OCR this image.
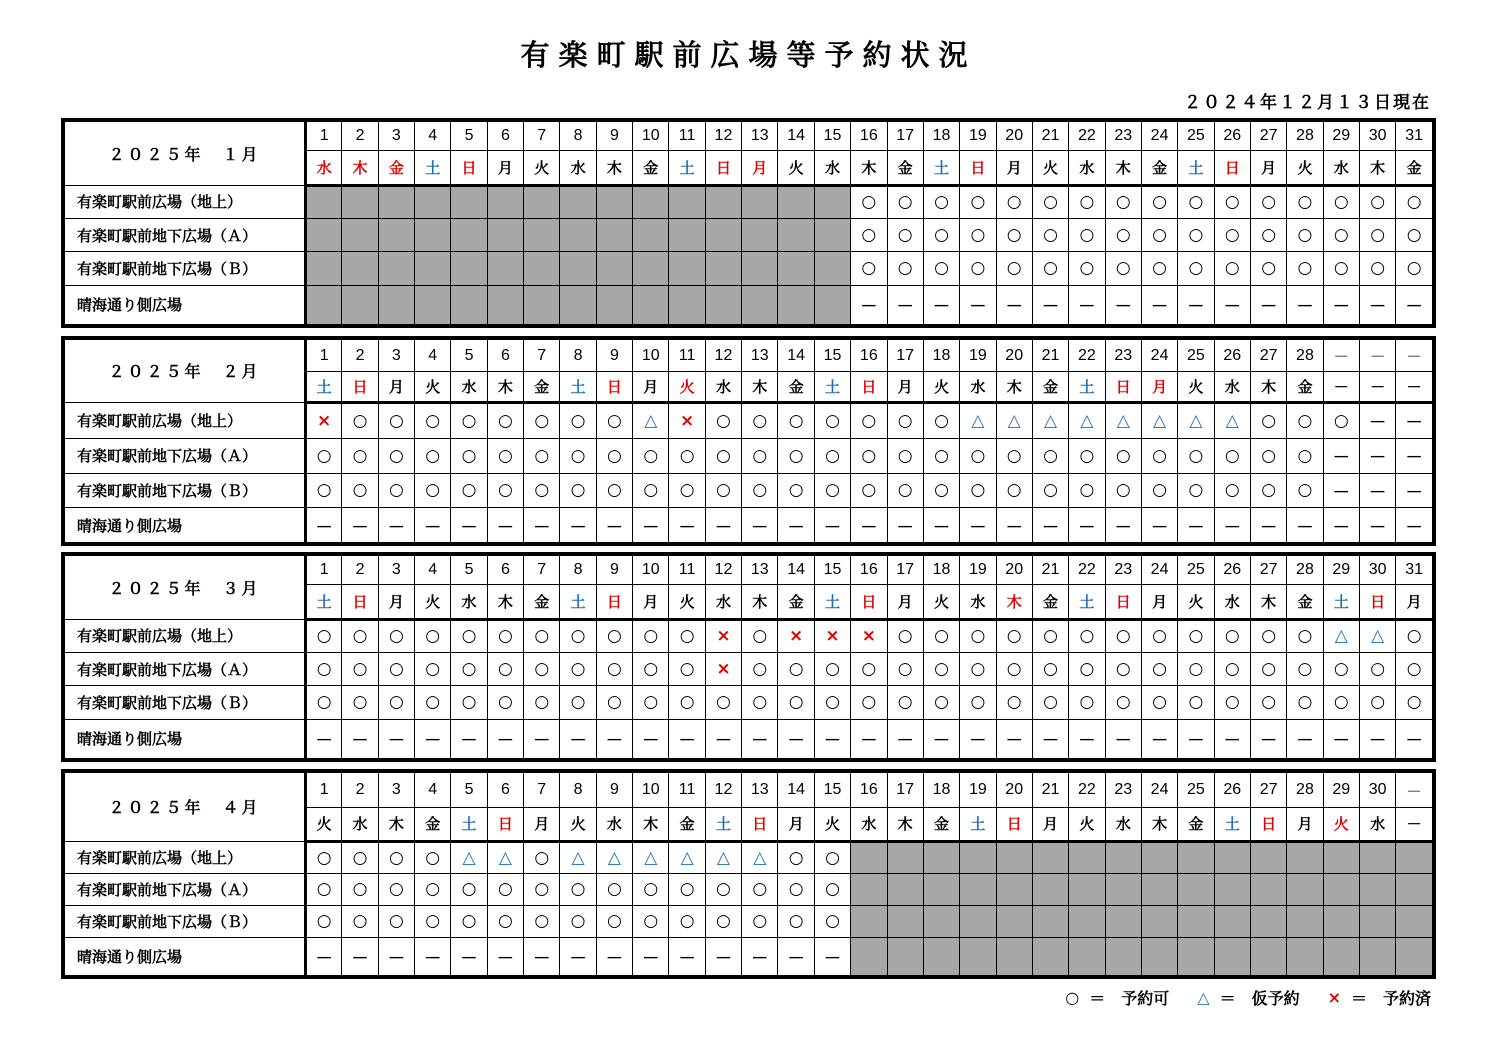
有楽町駅前広場等予約状況
２０２４年１２月１３日現在
２０２５年　１月	1	2	3	4	5	6	7	8	9	10	11	12	13	14	15	16	17	18	19	20	21	22	23	24	25	26	27	28	29	30	31
	水	木	金	土	日	月	火	水	木	金	土	日	月	火	水	木	金	土	日	月	火	水	木	金	土	日	月	火	水	木	金
有楽町駅前広場（地上）																○	○	○	○	○	○	○	○	○	○	○	○	○	○	○	○
有楽町駅前地下広場（Ａ）																○	○	○	○	○	○	○	○	○	○	○	○	○	○	○	○
有楽町駅前地下広場（Ｂ）																○	○	○	○	○	○	○	○	○	○	○	○	○	○	○	○
晴海通り側広場																－	－	－	－	－	－	－	－	－	－	－	－	－	－	－	－
２０２５年　２月	1	2	3	4	5	6	7	8	9	10	11	12	13	14	15	16	17	18	19	20	21	22	23	24	25	26	27	28	－	－	－
	土	日	月	火	水	木	金	土	日	月	火	水	木	金	土	日	月	火	水	木	金	土	日	月	火	水	木	金	－	－	－
有楽町駅前広場（地上）	×	○	○	○	○	○	○	○	○	△	×	○	○	○	○	○	○	○	△	△	△	△	△	△	△	△	○	○	○	－	－
有楽町駅前地下広場（Ａ）	○	○	○	○	○	○	○	○	○	○	○	○	○	○	○	○	○	○	○	○	○	○	○	○	○	○	○	○	－	－	－
有楽町駅前地下広場（Ｂ）	○	○	○	○	○	○	○	○	○	○	○	○	○	○	○	○	○	○	○	○	○	○	○	○	○	○	○	○	－	－	－
晴海通り側広場	－	－	－	－	－	－	－	－	－	－	－	－	－	－	－	－	－	－	－	－	－	－	－	－	－	－	－	－	－	－	－
２０２５年　３月	1	2	3	4	5	6	7	8	9	10	11	12	13	14	15	16	17	18	19	20	21	22	23	24	25	26	27	28	29	30	31
	土	日	月	火	水	木	金	土	日	月	火	水	木	金	土	日	月	火	水	木	金	土	日	月	火	水	木	金	土	日	月
有楽町駅前広場（地上）	○	○	○	○	○	○	○	○	○	○	○	×	○	×	×	×	○	○	○	○	○	○	○	○	○	○	○	○	△	△	○
有楽町駅前地下広場（Ａ）	○	○	○	○	○	○	○	○	○	○	○	×	○	○	○	○	○	○	○	○	○	○	○	○	○	○	○	○	○	○	○
有楽町駅前地下広場（Ｂ）	○	○	○	○	○	○	○	○	○	○	○	○	○	○	○	○	○	○	○	○	○	○	○	○	○	○	○	○	○	○	○
晴海通り側広場	－	－	－	－	－	－	－	－	－	－	－	－	－	－	－	－	－	－	－	－	－	－	－	－	－	－	－	－	－	－	－
２０２５年　４月	1	2	3	4	5	6	7	8	9	10	11	12	13	14	15	16	17	18	19	20	21	22	23	24	25	26	27	28	29	30	－
	火	水	木	金	土	日	月	火	水	木	金	土	日	月	火	水	木	金	土	日	月	火	水	木	金	土	日	月	火	水	－
有楽町駅前広場（地上）	○	○	○	○	△	△	○	△	△	△	△	△	△	○	○																
有楽町駅前地下広場（Ａ）	○	○	○	○	○	○	○	○	○	○	○	○	○	○	○																
有楽町駅前地下広場（Ｂ）	○	○	○	○	○	○	○	○	○	○	○	○	○	○	○																
晴海通り側広場	－	－	－	－	－	－	－	－	－	－	－	－	－	－	－																
○ ＝　予約可 △ ＝　仮予約 × ＝　予約済
